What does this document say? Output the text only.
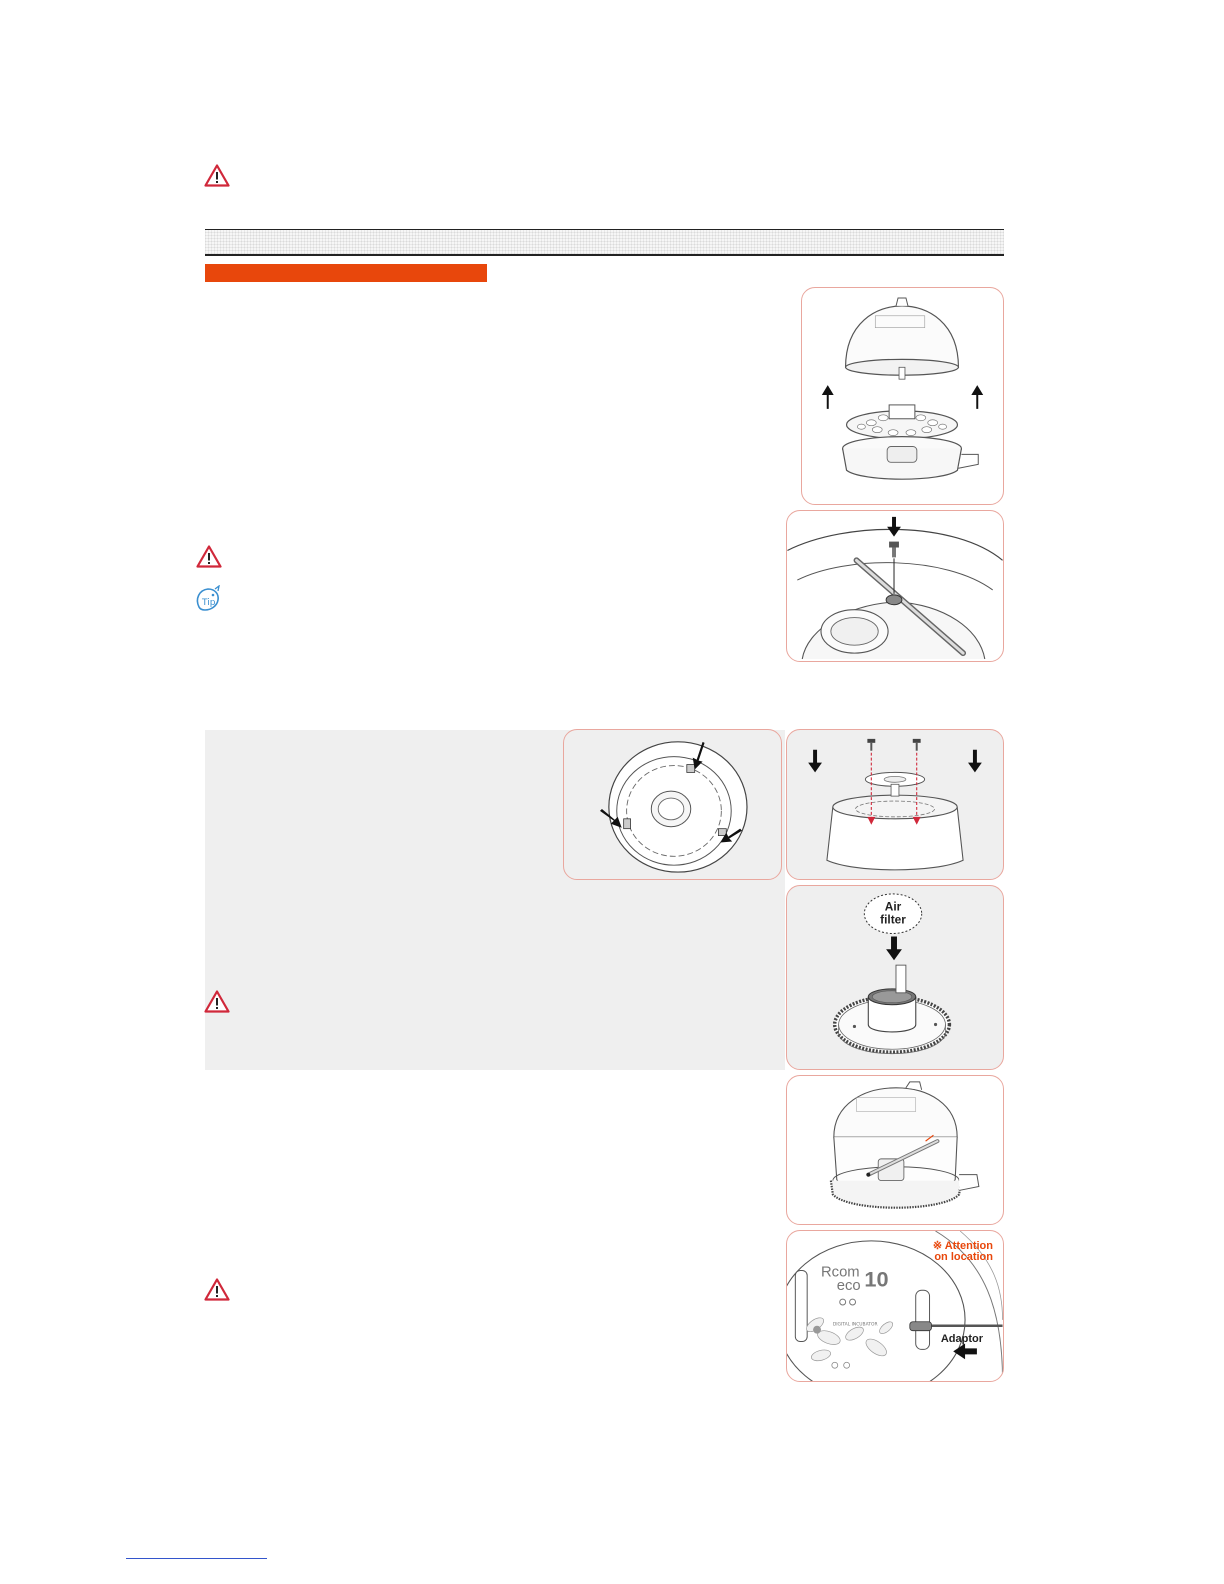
Tip
Air
filter
Rcom
eco 10
DIGITAL INCUBATOR
※ Attention
on location
Adaptor
